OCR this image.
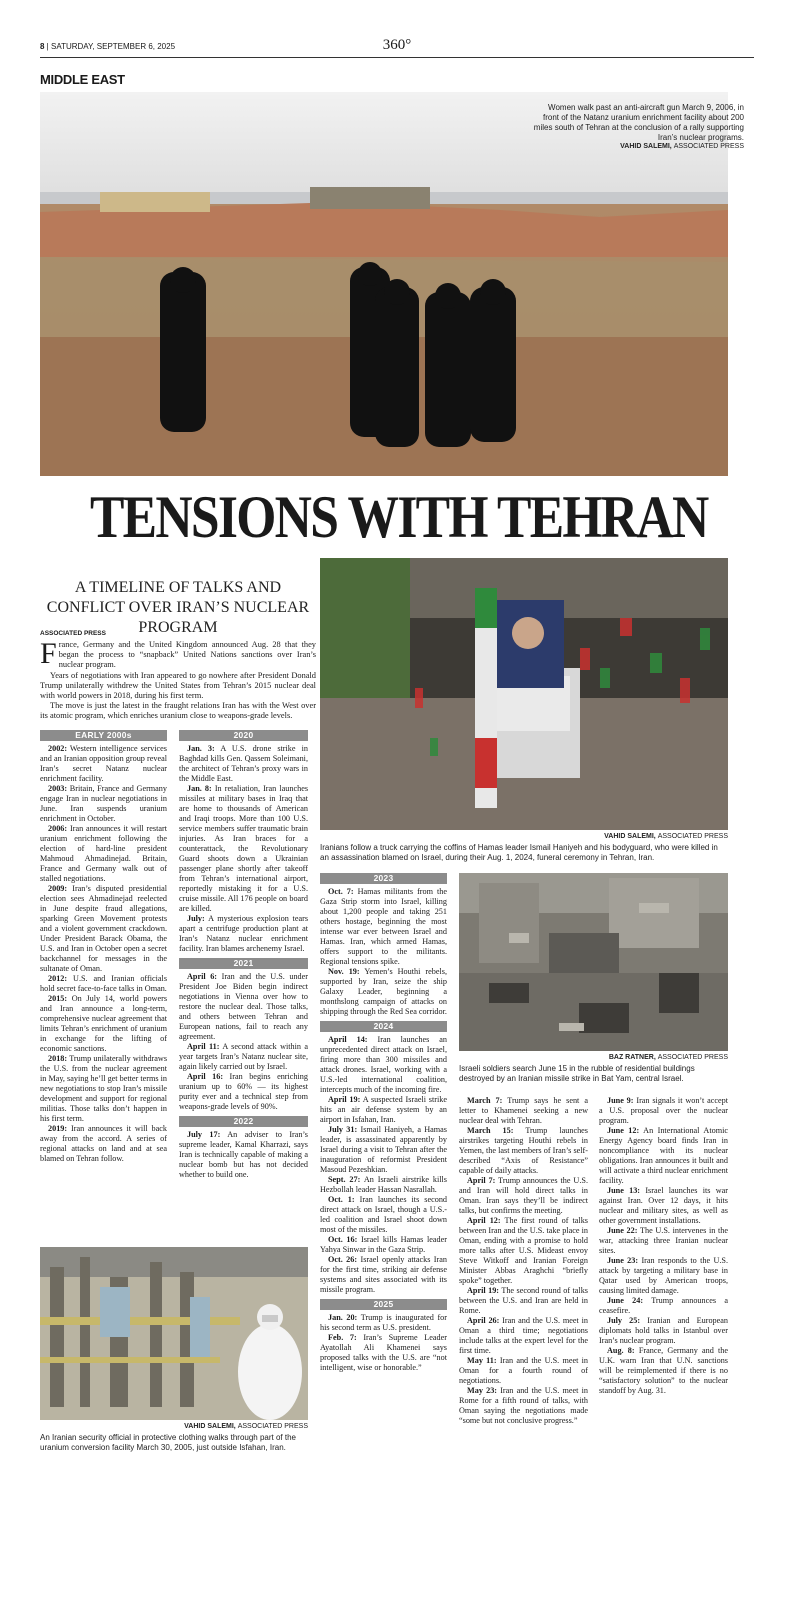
8 | SATURDAY, SEPTEMBER 6, 2025	360°
MIDDLE EAST
Women walk past an anti-aircraft gun March 9, 2006, in front of the Natanz uranium enrichment facility about 200 miles south of Tehran at the conclusion of a rally supporting Iran’s nuclear programs.
VAHID SALEMI, ASSOCIATED PRESS
TENSIONS WITH TEHRAN
A TIMELINE OF TALKS AND CONFLICT OVER IRAN’S NUCLEAR PROGRAM
ASSOCIATED PRESS

France, Germany and the United Kingdom announced Aug. 28 that they began the process to “snapback” United Nations sanctions over Iran’s nuclear program.

Years of negotiations with Iran appeared to go nowhere after President Donald Trump unilaterally withdrew the United States from Tehran’s 2015 nuclear deal with world powers in 2018, during his first term.

The move is just the latest in the fraught relations Iran has with the West over its atomic program, which enriches uranium close to weapons-grade levels.

EARLY 2000s

2002: Western intelligence services and an Iranian opposition group reveal Iran’s secret Natanz nuclear enrichment facility.

2003: Britain, France and Germany engage Iran in nuclear negotiations in June. Iran suspends uranium enrichment in October.

2006: Iran announces it will restart uranium enrichment following the election of hard-line president Mahmoud Ahmadinejad. Britain, France and Germany walk out of stalled negotiations.

2009: Iran’s disputed presidential election sees Ahmadinejad reelected in June despite fraud allegations, sparking Green Movement protests and a violent government crackdown. Under President Barack Obama, the U.S. and Iran in October open a secret backchannel for messages in the sultanate of Oman.

2012: U.S. and Iranian officials hold secret face-to-face talks in Oman.

2015: On July 14, world powers and Iran announce a long-term, comprehensive nuclear agreement that limits Tehran’s enrichment of uranium in exchange for the lifting of economic sanctions.

2018: Trump unilaterally withdraws the U.S. from the nuclear agreement in May, saying he’ll get better terms in new negotiations to stop Iran’s missile development and support for regional militias. Those talks don’t happen in his first term.

2019: Iran announces it will back away from the accord. A series of regional attacks on land and at sea blamed on Tehran follow.

2020

Jan. 3: A U.S. drone strike in Baghdad kills Gen. Qassem Soleimani, the architect of Tehran’s proxy wars in the Middle East.

Jan. 8: In retaliation, Iran launches missiles at military bases in Iraq that are home to thousands of American and Iraqi troops. More than 100 U.S. service members suffer traumatic brain injuries. As Iran braces for a counterattack, the Revolutionary Guard shoots down a Ukrainian passenger plane shortly after takeoff from Tehran’s international airport, reportedly mistaking it for a U.S. cruise missile. All 176 people on board are killed.

July: A mysterious explosion tears apart a centrifuge production plant at Iran’s Natanz nuclear enrichment facility. Iran blames archenemy Israel.

2021

April 6: Iran and the U.S. under President Joe Biden begin indirect negotiations in Vienna over how to restore the nuclear deal. Those talks, and others between Tehran and European nations, fail to reach any agreement.

April 11: A second attack within a year targets Iran’s Natanz nuclear site, again likely carried out by Israel.

April 16: Iran begins enriching uranium up to 60% — its highest purity ever and a technical step from weapons-grade levels of 90%.

2022

July 17: An adviser to Iran’s supreme leader, Kamal Kharrazi, says Iran is technically capable of making a nuclear bomb but has not decided whether to build one.

VAHID SALEMI, ASSOCIATED PRESS
Iranians follow a truck carrying the coffins of Hamas leader Ismail Haniyeh and his bodyguard, who were killed in an assassination blamed on Israel, during their Aug. 1, 2024, funeral ceremony in Tehran, Iran.
2023

Oct. 7: Hamas militants from the Gaza Strip storm into Israel, killing about 1,200 people and taking 251 others hostage, beginning the most intense war ever between Israel and Hamas. Iran, which armed Hamas, offers support to the militants. Regional tensions spike.

Nov. 19: Yemen’s Houthi rebels, supported by Iran, seize the ship Galaxy Leader, beginning a monthslong campaign of attacks on shipping through the Red Sea corridor.

2024

April 14: Iran launches an unprecedented direct attack on Israel, firing more than 300 missiles and attack drones. Israel, working with a U.S.-led international coalition, intercepts much of the incoming fire.

April 19: A suspected Israeli strike hits an air defense system by an airport in Isfahan, Iran.

July 31: Ismail Haniyeh, a Hamas leader, is assassinated apparently by Israel during a visit to Tehran after the inauguration of reformist President Masoud Pezeshkian.

Sept. 27: An Israeli airstrike kills Hezbollah leader Hassan Nasrallah.

Oct. 1: Iran launches its second direct attack on Israel, though a U.S.-led coalition and Israel shoot down most of the missiles.

Oct. 16: Israel kills Hamas leader Yahya Sinwar in the Gaza Strip.

Oct. 26: Israel openly attacks Iran for the first time, striking air defense systems and sites associated with its missile program.

2025

Jan. 20: Trump is inaugurated for his second term as U.S. president.

Feb. 7: Iran’s Supreme Leader Ayatollah Ali Khamenei says proposed talks with the U.S. are “not intelligent, wise or honorable.”

BAZ RATNER, ASSOCIATED PRESS
Israeli soldiers search June 15 in the rubble of residential buildings destroyed by an Iranian missile strike in Bat Yam, central Israel.

March 7: Trump says he sent a letter to Khamenei seeking a new nuclear deal with Tehran.

March 15: Trump launches airstrikes targeting Houthi rebels in Yemen, the last members of Iran’s self-described “Axis of Resistance” capable of daily attacks.

April 7: Trump announces the U.S. and Iran will hold direct talks in Oman. Iran says they’ll be indirect talks, but confirms the meeting.

April 12: The first round of talks between Iran and the U.S. take place in Oman, ending with a promise to hold more talks after U.S. Mideast envoy Steve Witkoff and Iranian Foreign Minister Abbas Araghchi “briefly spoke” together.

April 19: The second round of talks between the U.S. and Iran are held in Rome.

April 26: Iran and the U.S. meet in Oman a third time; negotiations include talks at the expert level for the first time.

May 11: Iran and the U.S. meet in Oman for a fourth round of negotiations.

May 23: Iran and the U.S. meet in Rome for a fifth round of talks, with Oman saying the negotiations made “some but not conclusive progress.”

June 9: Iran signals it won’t accept a U.S. proposal over the nuclear program.

June 12: An International Atomic Energy Agency board finds Iran in noncompliance with its nuclear obligations. Iran announces it built and will activate a third nuclear enrichment facility.

June 13: Israel launches its war against Iran. Over 12 days, it hits nuclear and military sites, as well as other government installations.

June 22: The U.S. intervenes in the war, attacking three Iranian nuclear sites.

June 23: Iran responds to the U.S. attack by targeting a military base in Qatar used by American troops, causing limited damage.

June 24: Trump announces a ceasefire.

July 25: Iranian and European diplomats hold talks in Istanbul over Iran’s nuclear program.

Aug. 8: France, Germany and the U.K. warn Iran that U.N. sanctions will be reimplemented if there is no “satisfactory solution” to the nuclear standoff by Aug. 31.

VAHID SALEMI, ASSOCIATED PRESS
An Iranian security official in protective clothing walks through part of the uranium conversion facility March 30, 2005, just outside Isfahan, Iran.
